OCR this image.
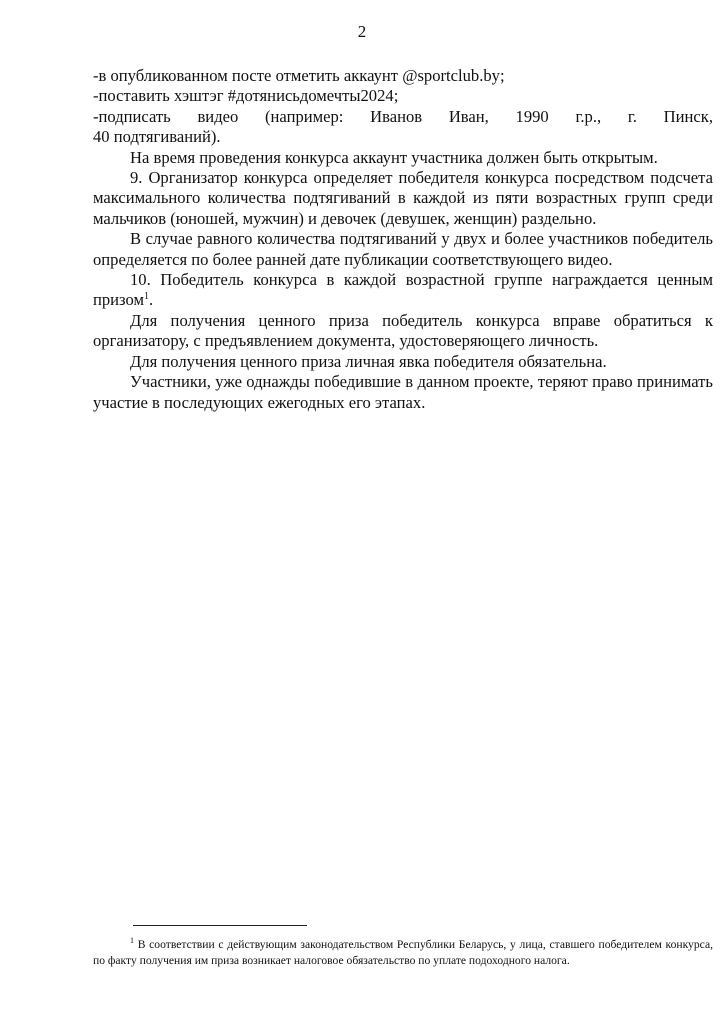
2

-в опубликованном посте отметить аккаунт @sportclub.by;

-поставить хэштэг #дотянисьдомечты2024;

-подписать видео (например: Иванов Иван, 1990 г.р., г. Пинск,

40 подтягиваний).

На время проведения конкурса аккаунт участника должен быть открытым.

9. Организатор конкурса определяет победителя конкурса посредством подсчета максимального количества подтягиваний в каждой из пяти возрастных групп среди мальчиков (юношей, мужчин) и девочек (девушек, женщин) раздельно.

В случае равного количества подтягиваний у двух и более участников победитель определяется по более ранней дате публикации соответствующего видео.

10. Победитель конкурса в каждой возрастной группе награждается ценным призом$^1$.

Для получения ценного приза победитель конкурса вправе обратиться к организатору, с предъявлением документа, удостоверяющего личность.

Для получения ценного приза личная явка победителя обязательна.

Участники, уже однажды победившие в данном проекте, теряют право принимать участие в последующих ежегодных его этапах.

$^1$ В соответствии с действующим законодательством Республики Беларусь, у лица, ставшего победителем конкурса, по факту получения им приза возникает налоговое обязательство по уплате подоходного налога.
